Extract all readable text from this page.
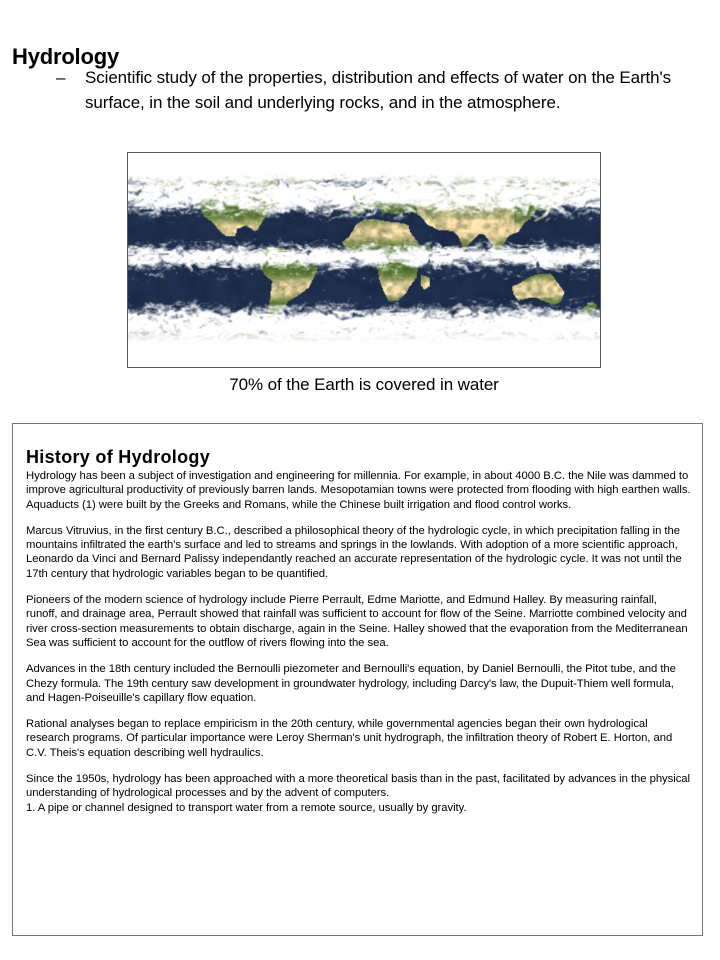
Hydrology
– Scientific study of the properties, distribution and effects of water on the Earth's surface, in the soil and underlying rocks, and in the atmosphere.
70% of the Earth is covered in water
History of Hydrology

Hydrology has been a subject of investigation and engineering for millennia. For example, in about 4000 B.C. the Nile was dammed to improve agricultural productivity of previously barren lands. Mesopotamian towns were protected from flooding with high earthen walls. Aquaducts (1) were built by the Greeks and Romans, while the Chinese built irrigation and flood control works.

Marcus Vitruvius, in the first century B.C., described a philosophical theory of the hydrologic cycle, in which precipitation falling in the mountains infiltrated the earth's surface and led to streams and springs in the lowlands. With adoption of a more scientific approach, Leonardo da Vinci and Bernard Palissy independantly reached an accurate representation of the hydrologic cycle. It was not until the 17th century that hydrologic variables began to be quantified.

Pioneers of the modern science of hydrology include Pierre Perrault, Edme Mariotte, and Edmund Halley. By measuring rainfall, runoff, and drainage area, Perrault showed that rainfall was sufficient to account for flow of the Seine. Marriotte combined velocity and river cross-section measurements to obtain discharge, again in the Seine. Halley showed that the evaporation from the Mediterranean Sea was sufficient to account for the outflow of rivers flowing into the sea.

Advances in the 18th century included the Bernoulli piezometer and Bernoulli's equation, by Daniel Bernoulli, the Pitot tube, and the Chezy formula. The 19th century saw development in groundwater hydrology, including Darcy's law, the Dupuit-Thiem well formula, and Hagen-Poiseuille's capillary flow equation.

Rational analyses began to replace empiricism in the 20th century, while governmental agencies began their own hydrological research programs. Of particular importance were Leroy Sherman's unit hydrograph, the infiltration theory of Robert E. Horton, and C.V. Theis's equation describing well hydraulics.

Since the 1950s, hydrology has been approached with a more theoretical basis than in the past, facilitated by advances in the physical understanding of hydrological processes and by the advent of computers.

1. A pipe or channel designed to transport water from a remote source, usually by gravity.
